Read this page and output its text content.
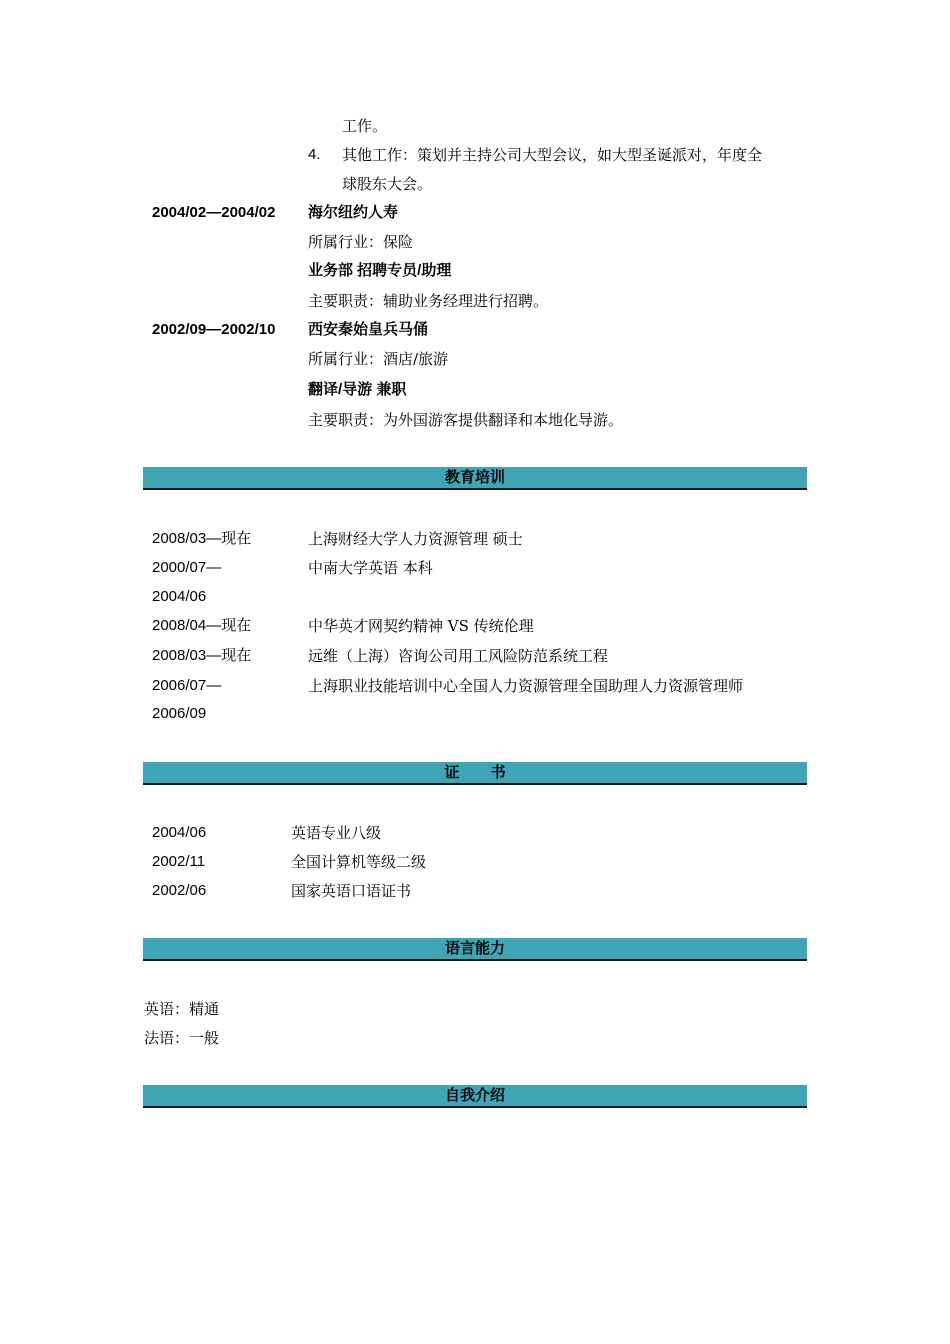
工作。
4. 其他工作：策划并主持公司大型会议，如大型圣诞派对，年度全
球股东大会。
2004/02—2004/02 海尔纽约人寿
所属行业：保险
业务部 招聘专员/助理
主要职责：辅助业务经理进行招聘。
2002/09—2002/10 西安秦始皇兵马俑
所属行业：酒店/旅游
翻译/导游 兼职
主要职责：为外国游客提供翻译和本地化导游。
教育培训
2008/03—现在	上海财经大学人力资源管理 硕士
2000/07—	中南大学英语 本科
2004/06
2008/04—现在	中华英才网契约精神 VS 传统伦理
2008/03—现在	远维（上海）咨询公司用工风险防范系统工程
2006/07—	上海职业技能培训中心全国人力资源管理全国助理人力资源管理师
2006/09
证      书
2004/06	英语专业八级
2002/11	全国计算机等级二级
2002/06	国家英语口语证书
语言能力
英语：精通
法语：一般
自我介绍
